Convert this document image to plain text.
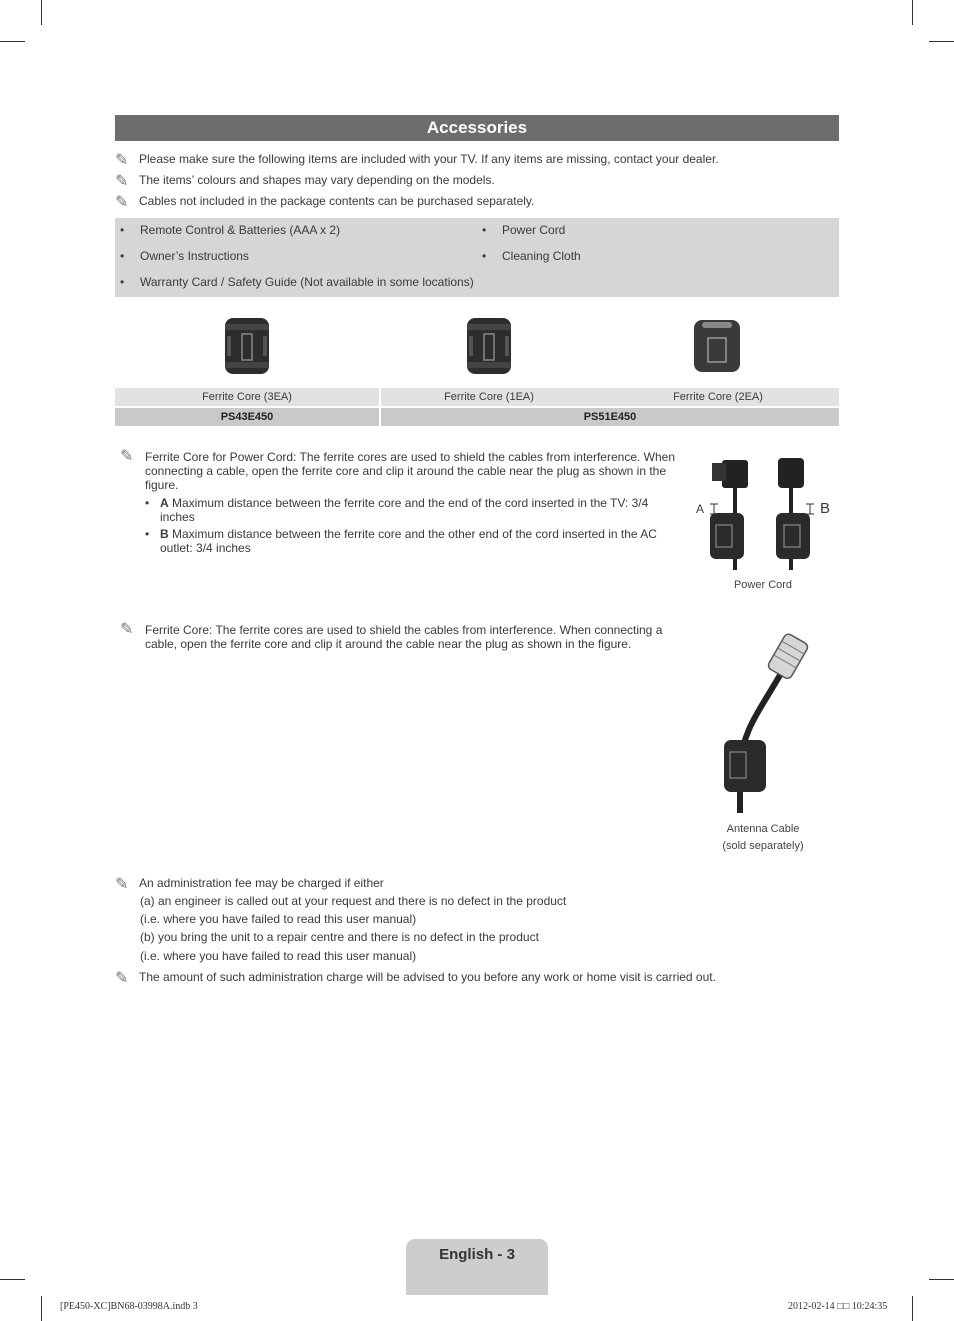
Accessories
✎ Please make sure the following items are included with your TV. If any items are missing, contact your dealer.
✎ The items’ colours and shapes may vary depending on the models.
✎ Cables not included in the package contents can be purchased separately.
• Remote Control & Batteries (AAA x 2)
• Owner’s Instructions
• Warranty Card / Safety Guide (Not available in some locations)
• Power Cord
• Cleaning Cloth
Ferrite Core (3EA)	Ferrite Core (1EA)	Ferrite Core (2EA)
PS43E450	PS51E450
✎ Ferrite Core for Power Cord: The ferrite cores are used to shield the cables from interference. When connecting a cable, open the ferrite core and clip it around the cable near the plug as shown in the figure.
• A Maximum distance between the ferrite core and the end of the cord inserted in the TV: 3/4 inches
• B Maximum distance between the ferrite core and the other end of the cord inserted in the AC outlet: 3/4 inches
A	B
Power Cord
✎ Ferrite Core: The ferrite cores are used to shield the cables from interference. When connecting a cable, open the ferrite core and clip it around the cable near the plug as shown in the figure.
Antenna Cable
(sold separately)
✎ An administration fee may be charged if either
(a) an engineer is called out at your request and there is no defect in the product
(i.e. where you have failed to read this user manual)
(b) you bring the unit to a repair centre and there is no defect in the product
(i.e. where you have failed to read this user manual)
✎ The amount of such administration charge will be advised to you before any work or home visit is carried out.
English - 3
[PE450-XC]BN68-03998A.indb 3	2012-02-14 □□ 10:24:35
